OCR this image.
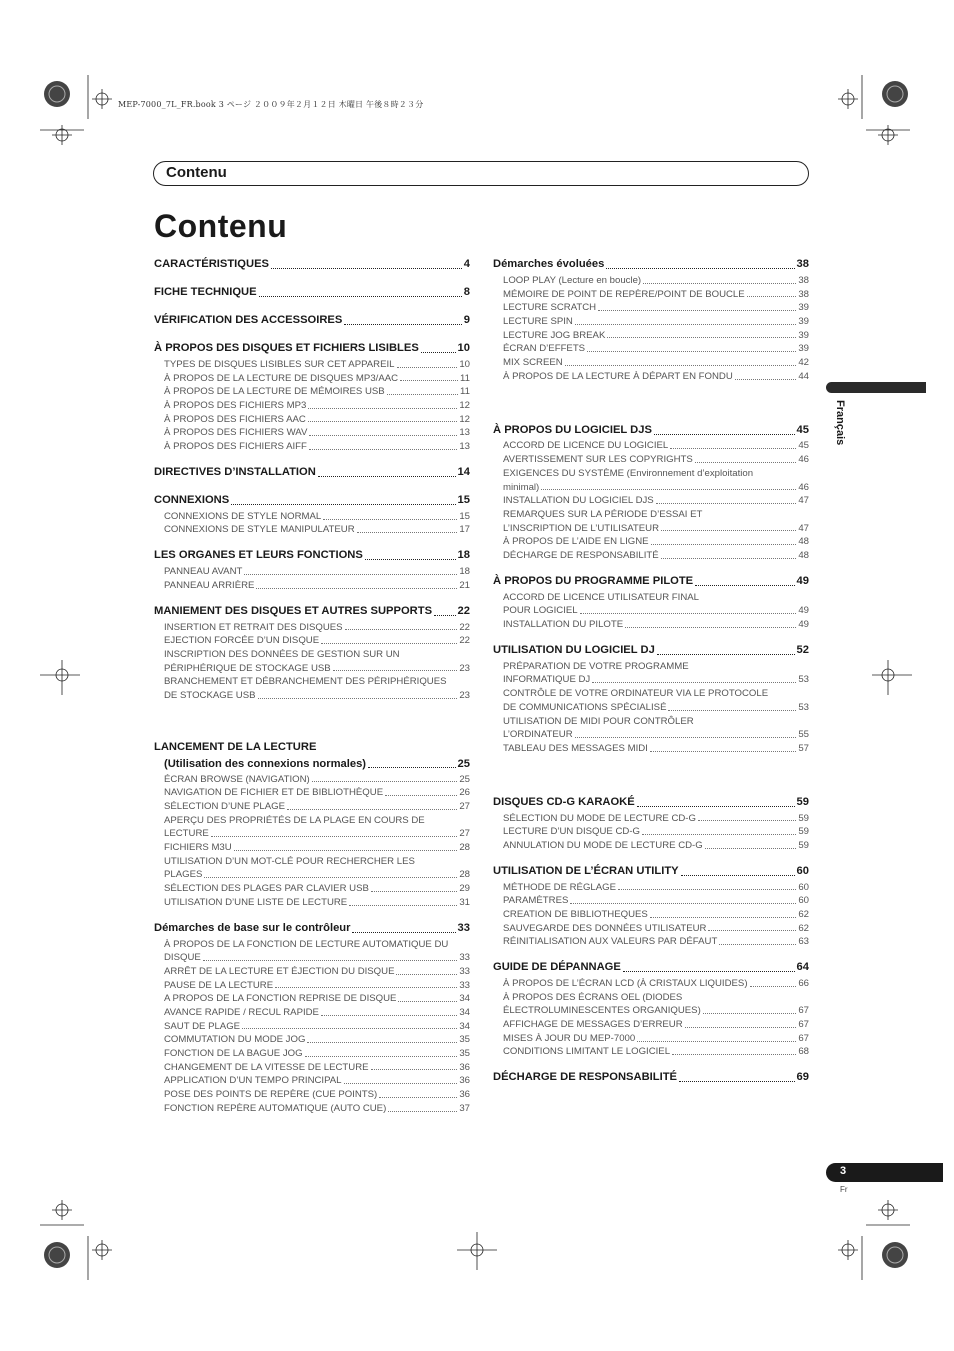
MEP-7000_7L_FR.book 3 ページ ２００９年２月１２日 木曜日 午後８時２３分
Contenu
Contenu
CARACTÉRISTIQUES	4
FICHE TECHNIQUE	8
VÉRIFICATION DES ACCESSOIRES	9
À PROPOS DES DISQUES ET FICHIERS LISIBLES	10
TYPES DE DISQUES LISIBLES SUR CET APPAREIL	10
À PROPOS DE LA LECTURE DE DISQUES MP3/AAC	11
À PROPOS DE LA LECTURE DE MÉMOIRES USB	11
À PROPOS DES FICHIERS MP3	12
À PROPOS DES FICHIERS AAC	12
À PROPOS DES FICHIERS WAV	13
À PROPOS DES FICHIERS AIFF	13
DIRECTIVES D’INSTALLATION	14
CONNEXIONS	15
CONNEXIONS DE STYLE NORMAL	15
CONNEXIONS DE STYLE MANIPULATEUR	17
LES ORGANES ET LEURS FONCTIONS	18
PANNEAU AVANT	18
PANNEAU ARRIÈRE	21
MANIEMENT DES DISQUES ET AUTRES SUPPORTS 22
INSERTION ET RETRAIT DES DISQUES	22
EJECTION FORCÉE D’UN DISQUE	22
INSCRIPTION DES DONNÉES DE GESTION SUR UN
PÉRIPHÉRIQUE DE STOCKAGE USB	23
BRANCHEMENT ET DÉBRANCHEMENT DES PÉRIPHÉRIQUES
DE STOCKAGE USB	23
LANCEMENT DE LA LECTURE
(Utilisation des connexions normales)	25
ÉCRAN BROWSE (NAVIGATION)	25
NAVIGATION DE FICHIER ET DE BIBLIOTHÈQUE	26
SÉLECTION D’UNE PLAGE	27
APERÇU DES PROPRIÉTÉS DE LA PLAGE EN COURS DE
LECTURE	27
FICHIERS M3U	28
UTILISATION D’UN MOT-CLÉ POUR RECHERCHER LES
PLAGES	28
SÉLECTION DES PLAGES PAR CLAVIER USB	29
UTILISATION D’UNE LISTE DE LECTURE	31
Démarches de base sur le contrôleur	33
À PROPOS DE LA FONCTION DE LECTURE AUTOMATIQUE DU
DISQUE	33
ARRÊT DE LA LECTURE ET ÉJECTION DU DISQUE	33
PAUSE DE LA LECTURE	33
A PROPOS DE LA FONCTION REPRISE DE DISQUE	34
AVANCE RAPIDE / RECUL RAPIDE	34
SAUT DE PLAGE	34
COMMUTATION DU MODE JOG	35
FONCTION DE LA BAGUE JOG	35
CHANGEMENT DE LA VITESSE DE LECTURE	36
APPLICATION D’UN TEMPO PRINCIPAL	36
POSE DES POINTS DE REPÈRE (CUE POINTS)	36
FONCTION REPÈRE AUTOMATIQUE (AUTO CUE)	37
Démarches évoluées	38
LOOP PLAY (Lecture en boucle)	38
MÉMOIRE DE POINT DE REPÈRE/POINT DE BOUCLE	38
LECTURE SCRATCH	39
LECTURE SPIN	39
LECTURE JOG BREAK	39
ÉCRAN D’EFFETS	39
MIX SCREEN	42
À PROPOS DE LA LECTURE À DÉPART EN FONDU	44
À PROPOS DU LOGICIEL DJS	45
ACCORD DE LICENCE DU LOGICIEL	45
AVERTISSEMENT SUR LES COPYRIGHTS	46
EXIGENCES DU SYSTÈME (Environnement d’exploitation
minimal)	46
INSTALLATION DU LOGICIEL DJS	47
REMARQUES SUR LA PÉRIODE D’ESSAI ET
L’INSCRIPTION DE L’UTILISATEUR	47
À PROPOS DE L’AIDE EN LIGNE	48
DÉCHARGE DE RESPONSABILITÉ	48
À PROPOS DU PROGRAMME PILOTE	49
ACCORD DE LICENCE UTILISATEUR FINAL
POUR LOGICIEL	49
INSTALLATION DU PILOTE	49
UTILISATION DU LOGICIEL DJ	52
PRÉPARATION DE VOTRE PROGRAMME
INFORMATIQUE DJ	53
CONTRÔLE DE VOTRE ORDINATEUR VIA LE PROTOCOLE
DE COMMUNICATIONS SPÉCIALISÉ	53
UTILISATION DE MIDI POUR CONTRÔLER
L’ORDINATEUR	55
TABLEAU DES MESSAGES MIDI	57
DISQUES CD-G KARAOKÉ	59
SÉLECTION DU MODE DE LECTURE CD-G	59
LECTURE D’UN DISQUE CD-G	59
ANNULATION DU MODE DE LECTURE CD-G	59
UTILISATION DE L’ÉCRAN UTILITY	60
MÉTHODE DE RÉGLAGE	60
PARAMÈTRES	60
CREATION DE BIBLIOTHEQUES	62
SAUVEGARDE DES DONNÉES UTILISATEUR	62
RÉINITIALISATION AUX VALEURS PAR DÉFAUT	63
GUIDE DE DÉPANNAGE	64
À PROPOS DE L’ÉCRAN LCD (À CRISTAUX LIQUIDES)	66
À PROPOS DES ÉCRANS OEL (DIODES
ÉLECTROLUMINESCENTES ORGANIQUES)	67
AFFICHAGE DE MESSAGES D’ERREUR	67
MISES À JOUR DU MEP-7000	67
CONDITIONS LIMITANT LE LOGICIEL	68
DÉCHARGE DE RESPONSABILITÉ	69
Français
3
Fr
